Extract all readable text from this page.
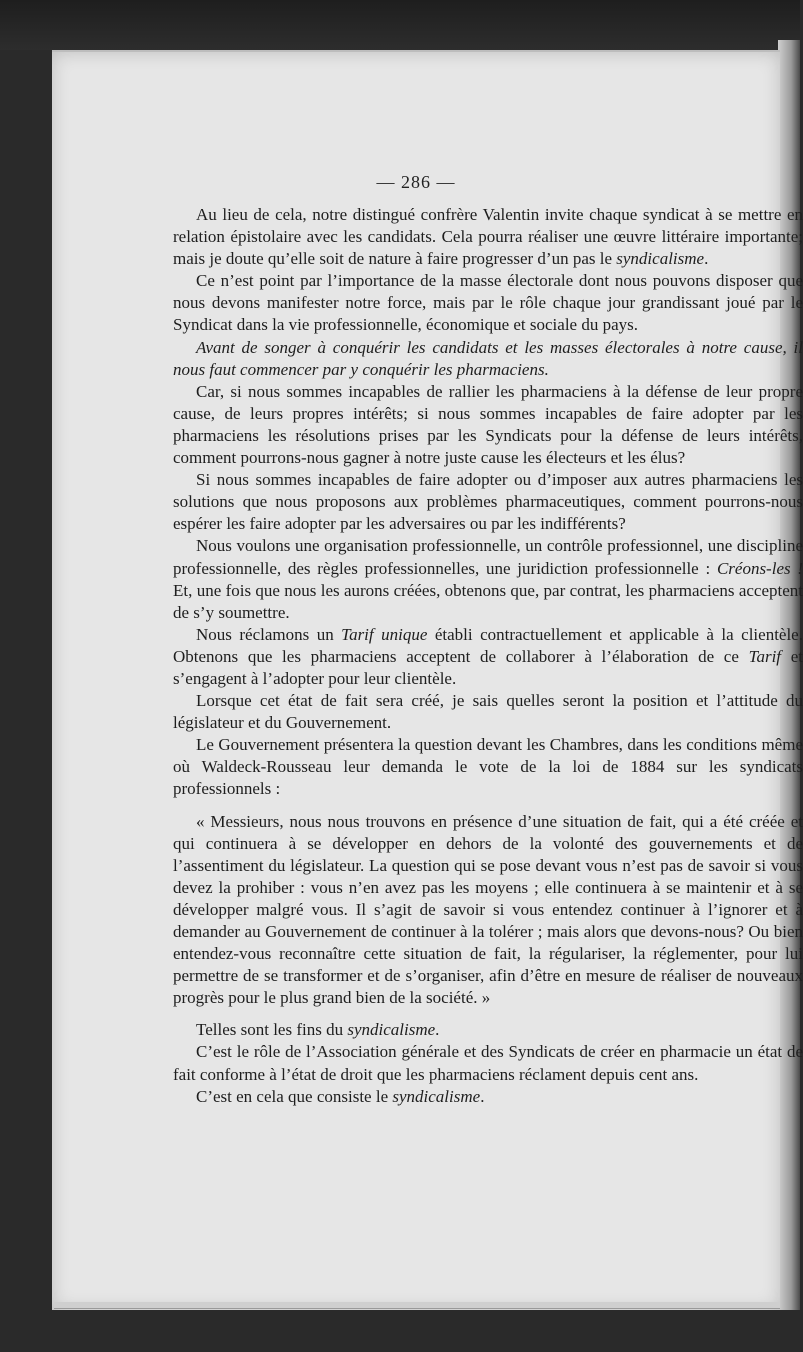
— 286 —

Au lieu de cela, notre distingué confrère Valentin invite chaque syndicat à se mettre en relation épistolaire avec les candidats. Cela pourra réaliser une œuvre littéraire importante; mais je doute qu’elle soit de nature à faire progresser d’un pas le syndicalisme.

Ce n’est point par l’importance de la masse électorale dont nous pouvons disposer que nous devons manifester notre force, mais par le rôle chaque jour grandissant joué par le Syndicat dans la vie professionnelle, économique et sociale du pays.

Avant de songer à conquérir les candidats et les masses électorales à notre cause, il nous faut commencer par y conquérir les pharmaciens.

Car, si nous sommes incapables de rallier les pharmaciens à la défense de leur propre cause, de leurs propres intérêts; si nous sommes incapables de faire adopter par les pharmaciens les résolutions prises par les Syndicats pour la défense de leurs intérêts, comment pourrons-nous gagner à notre juste cause les électeurs et les élus?

Si nous sommes incapables de faire adopter ou d’imposer aux autres pharmaciens les solutions que nous proposons aux problèmes pharmaceutiques, comment pourrons-nous espérer les faire adopter par les adversaires ou par les indifférents?

Nous voulons une organisation professionnelle, un contrôle professionnel, une discipline professionnelle, des règles professionnelles, une juridiction professionnelle : Créons-les ! Et, une fois que nous les aurons créées, obtenons que, par contrat, les pharmaciens acceptent de s’y soumettre.

Nous réclamons un Tarif unique établi contractuellement et applicable à la clientèle. Obtenons que les pharmaciens acceptent de collaborer à l’élaboration de ce Tarif et s’engagent à l’adopter pour leur clientèle.

Lorsque cet état de fait sera créé, je sais quelles seront la position et l’attitude du législateur et du Gouvernement.

Le Gouvernement présentera la question devant les Chambres, dans les conditions même où Waldeck-Rousseau leur demanda le vote de la loi de 1884 sur les syndicats professionnels :

« Messieurs, nous nous trouvons en présence d’une situation de fait, qui a été créée et qui continuera à se développer en dehors de la volonté des gouvernements et de l’assentiment du législateur. La question qui se pose devant vous n’est pas de savoir si vous devez la prohiber : vous n’en avez pas les moyens ; elle continuera à se maintenir et à se développer malgré vous. Il s’agit de savoir si vous entendez continuer à l’ignorer et à demander au Gouvernement de continuer à la tolérer ; mais alors que devons-nous? Ou bien entendez-vous reconnaître cette situation de fait, la régulariser, la réglementer, pour lui permettre de se transformer et de s’organiser, afin d’être en mesure de réaliser de nouveaux progrès pour le plus grand bien de la société. »

Telles sont les fins du syndicalisme.

C’est le rôle de l’Association générale et des Syndicats de créer en pharmacie un état de fait conforme à l’état de droit que les pharmaciens réclament depuis cent ans.

C’est en cela que consiste le syndicalisme.
